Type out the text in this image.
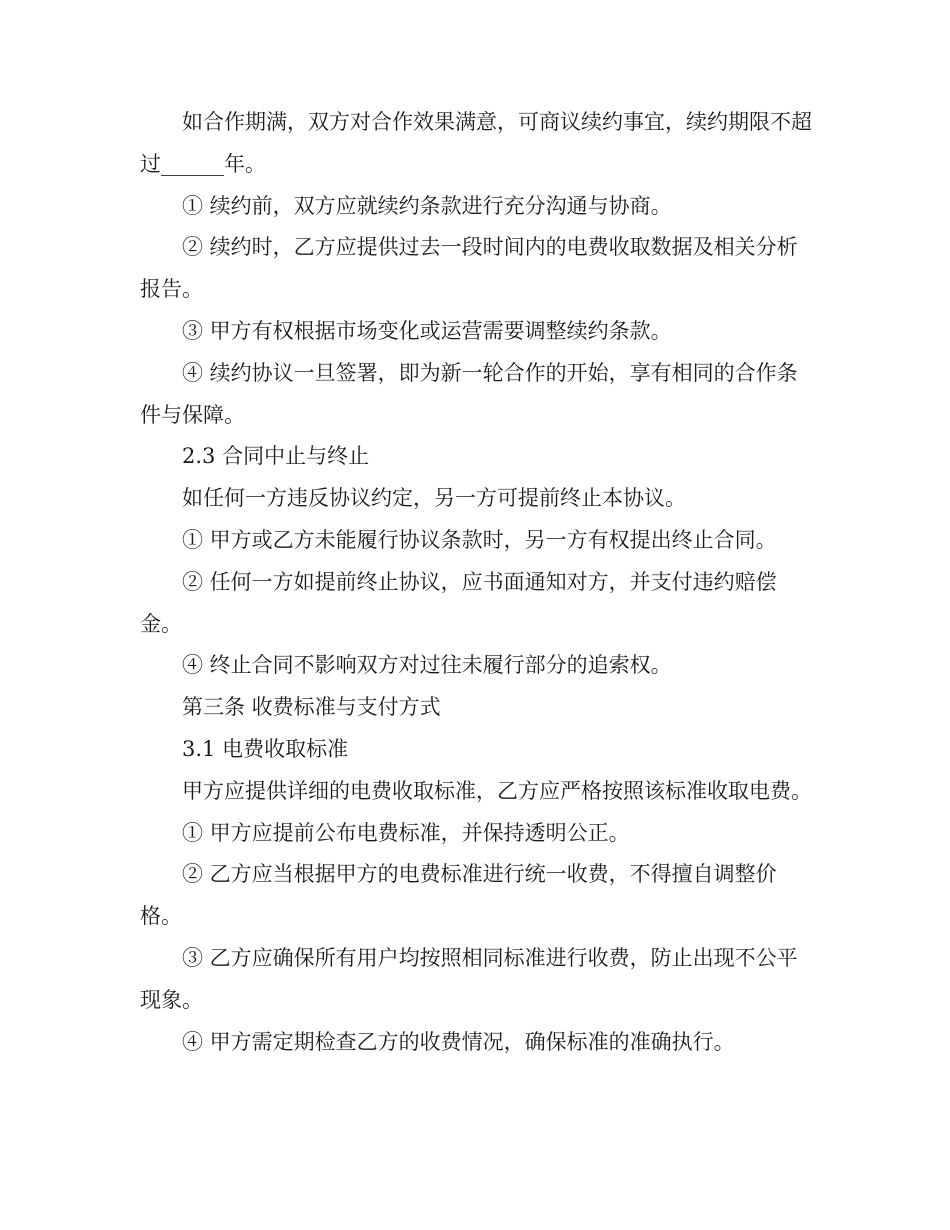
如合作期满，双方对合作效果满意，可商议续约事宜，续约期限不超过______年。

① 续约前，双方应就续约条款进行充分沟通与协商。

② 续约时，乙方应提供过去一段时间内的电费收取数据及相关分析报告。

③ 甲方有权根据市场变化或运营需要调整续约条款。

④ 续约协议一旦签署，即为新一轮合作的开始，享有相同的合作条件与保障。

2.3 合同中止与终止

如任何一方违反协议约定，另一方可提前终止本协议。

① 甲方或乙方未能履行协议条款时，另一方有权提出终止合同。

② 任何一方如提前终止协议，应书面通知对方，并支付违约赔偿金。

④ 终止合同不影响双方对过往未履行部分的追索权。

第三条 收费标准与支付方式

3.1 电费收取标准

甲方应提供详细的电费收取标准，乙方应严格按照该标准收取电费。

① 甲方应提前公布电费标准，并保持透明公正。

② 乙方应当根据甲方的电费标准进行统一收费，不得擅自调整价格。

③ 乙方应确保所有用户均按照相同标准进行收费，防止出现不公平现象。

④ 甲方需定期检查乙方的收费情况，确保标准的准确执行。
